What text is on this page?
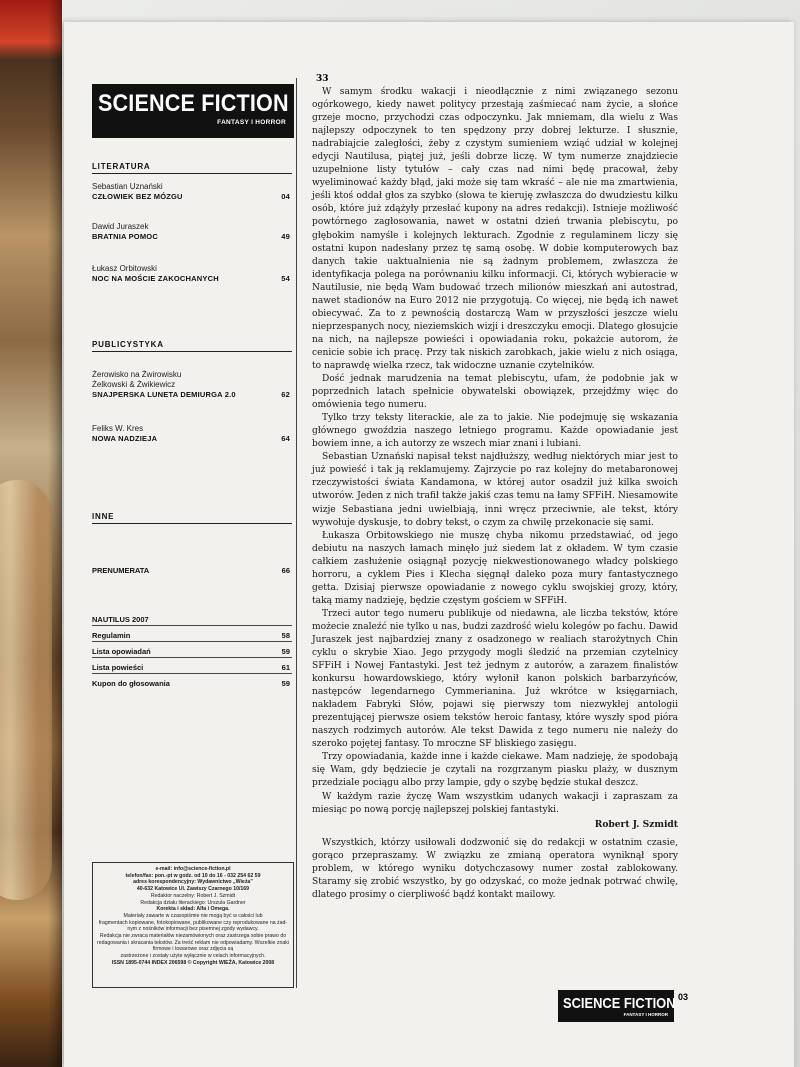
SCIENCE FICTION
FANTASY I HORROR
LITERATURA
Sebastian Uznański
CZŁOWIEK BEZ MÓZGU	04
Dawid Juraszek
BRATNIA POMOC	49
Łukasz Orbitowski
NOC NA MOŚCIE ZAKOCHANYCH	54
PUBLICYSTYKA
Żerowisko na Żwirowisku
Żelkowski & Żwikiewicz
SNAJPERSKA LUNETA DEMIURGA 2.0	62
Feliks W. Kres
NOWA NADZIEJA	64
INNE
PRENUMERATA	66
NAUTILUS 2007
Regulamin	58
Lista opowiadań	59
Lista powieści	61
Kupon do głosowania	59
e-mail: info@science-fiction.pl
telefon/fax: pon.-pt w godz. od 10 do 16 - 032 254 62 59
adres korespondencyjny: Wydawnictwo „Wieża”
40-632 Katowice Ul. Zawiszy Czarnego 10/169
Redaktor naczelny: Robert J. Szmidt
Redakcja działu literackiego: Urszula Gardner
Korekta i skład: Alfa i Omega.
Materiały zawarte w czasopiśmie nie mogą być w całości lub
fragmentach kopiowane, fotokopiowane, publikowane czy reprodukowane na żad-
nym z nośników informacji bez pisemnej zgody wydawcy.
Redakcja nie zwraca materiałów niezamówionych oraz zastrzega sobie prawo do
redagowania i skracania tekstów. Za treść reklam nie odpowiadamy. Wszelkie znaki
firmowe i towarowe oraz zdjęcia są
zastrzeżone i zostały użyte wyłącznie w celach informacyjnych.
ISSN 1895-0744 INDEX 206598 © Copyright WIEŻA, Katowice 2008
33

W samym środku wakacji i nieodłącznie z nimi związanego sezonu ogórkowego, kiedy nawet politycy przestają zaśmiecać nam życie, a słońce grzeje mocno, przychodzi czas odpoczynku. Jak mniemam, dla wielu z Was najlepszy odpoczynek to ten spędzony przy dobrej lekturze. I słusznie, nadrabiajcie zaległości, żeby z czystym sumieniem wziąć udział w kolejnej edycji Nautilusa, piątej już, jeśli dobrze liczę. W tym numerze znajdziecie uzupełnione listy tytułów – cały czas nad nimi będę pracował, żeby wyeliminować każdy błąd, jaki może się tam wkraść – ale nie ma zmartwienia, jeśli ktoś oddał głos za szybko (słowa te kieruję zwłaszcza do dwudziestu kilku osób, które już zdążyły przesłać kupony na adres redakcji). Istnieje możliwość powtórnego zagłosowania, nawet w ostatni dzień trwania plebiscytu, po głębokim namyśle i kolejnych lekturach. Zgodnie z regulaminem liczy się ostatni kupon nadesłany przez tę samą osobę. W dobie komputerowych baz danych takie uaktualnienia nie są żadnym problemem, zwłaszcza że identyfikacja polega na porównaniu kilku informacji. Ci, których wybieracie w Nautilusie, nie będą Wam budować trzech milionów mieszkań ani autostrad, nawet stadionów na Euro 2012 nie przygotują. Co więcej, nie będą ich nawet obiecywać. Za to z pewnością dostarczą Wam w przyszłości jeszcze wielu nieprzespanych nocy, nieziemskich wizji i dreszczyku emocji. Dlatego głosujcie na nich, na najlepsze powieści i opowiadania roku, pokażcie autorom, że cenicie sobie ich pracę. Przy tak niskich zarobkach, jakie wielu z nich osiąga, to naprawdę wielka rzecz, tak widoczne uznanie czytelników.

Dość jednak marudzenia na temat plebiscytu, ufam, że podobnie jak w poprzednich latach spełnicie obywatelski obowiązek, przejdźmy więc do omówienia tego numeru.

Tylko trzy teksty literackie, ale za to jakie. Nie podejmuję się wskazania głównego gwoździa naszego letniego programu. Każde opowiadanie jest bowiem inne, a ich autorzy ze wszech miar znani i lubiani.

Sebastian Uznański napisał tekst najdłuższy, według niektórych miar jest to już powieść i tak ją reklamujemy. Zajrzycie po raz kolejny do metabaronowej rzeczywistości świata Kandamona, w której autor osadził już kilka swoich utworów. Jeden z nich trafił także jakiś czas temu na łamy SFFiH. Niesamowite wizje Sebastiana jedni uwielbiają, inni wręcz przeciwnie, ale tekst, który wywołuje dyskusje, to dobry tekst, o czym za chwilę przekonacie się sami.

Łukasza Orbitowskiego nie muszę chyba nikomu przedstawiać, od jego debiutu na naszych łamach minęło już siedem lat z okładem. W tym czasie całkiem zasłużenie osiągnął pozycję niekwestionowanego władcy polskiego horroru, a cyklem Pies i Klecha sięgnął daleko poza mury fantastycznego getta. Dzisiaj pierwsze opowiadanie z nowego cyklu swojskiej grozy, który, taką mamy nadzieję, będzie częstym gościem w SFFiH.

Trzeci autor tego numeru publikuje od niedawna, ale liczba tekstów, które możecie znaleźć nie tylko u nas, budzi zazdrość wielu kolegów po fachu. Dawid Juraszek jest najbardziej znany z osadzonego w realiach starożytnych Chin cyklu o skrybie Xiao. Jego przygody mogli śledzić na przemian czytelnicy SFFiH i Nowej Fantastyki. Jest też jednym z autorów, a zarazem finalistów konkursu howardowskiego, który wyłonił kanon polskich barbarzyńców, następców legendarnego Cymmerianina. Już wkrótce w księgarniach, nakładem Fabryki Słów, pojawi się pierwszy tom niezwykłej antologii prezentującej pierwsze osiem tekstów heroic fantasy, które wyszły spod pióra naszych rodzimych autorów. Ale tekst Dawida z tego numeru nie należy do szeroko pojętej fantasy. To mroczne SF bliskiego zasięgu.

Trzy opowiadania, każde inne i każde ciekawe. Mam nadzieję, że spodobają się Wam, gdy będziecie je czytali na rozgrzanym piasku plaży, w dusznym przedziale pociągu albo przy lampie, gdy o szybę będzie stukał deszcz.

W każdym razie życzę Wam wszystkim udanych wakacji i zapraszam za miesiąc po nową porcję najlepszej polskiej fantastyki.

Robert J. Szmidt

Wszystkich, którzy usiłowali dodzwonić się do redakcji w ostatnim czasie, gorąco przepraszamy. W związku ze zmianą operatora wyniknął spory problem, w którego wyniku dotychczasowy numer został zablokowany. Staramy się zrobić wszystko, by go odzyskać, co może jednak potrwać chwilę, dlatego prosimy o cierpliwość bądź kontakt mailowy.

SCIENCE FICTION
FANTASY I HORROR
03
